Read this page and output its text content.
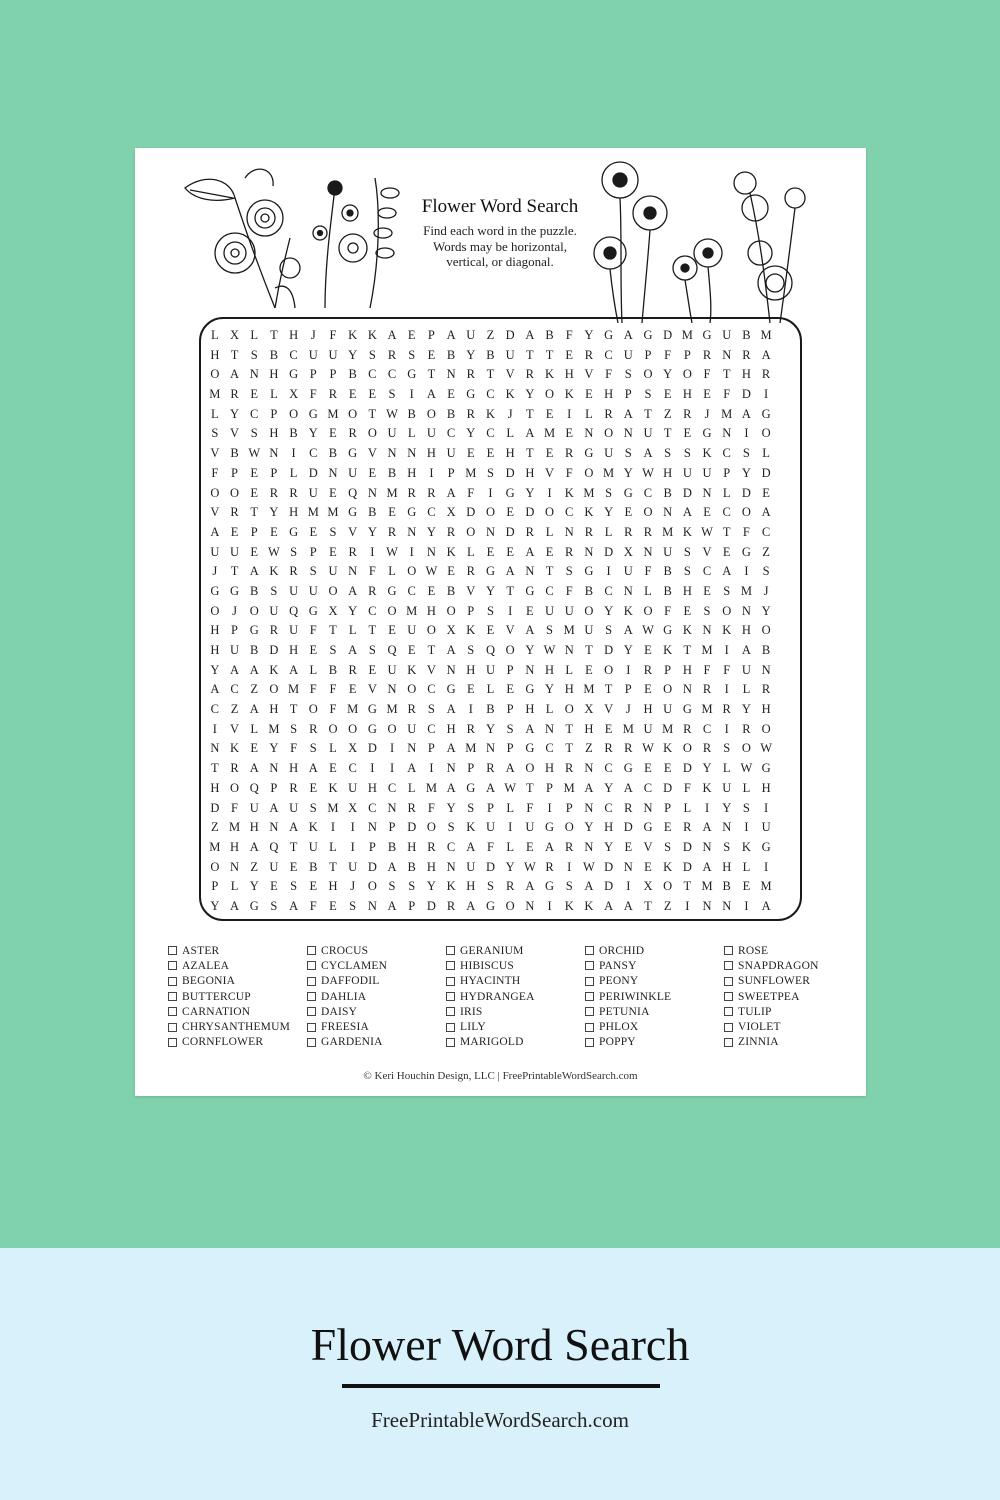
Flower Word Search
Find each word in the puzzle.
Words may be horizontal,
vertical, or diagonal.
L X L T H	J	F K K A E P A U Z D A B F Y G A G D M G U B M
H T S B C U U Y S R S E B Y B U T T E R C U P	F	P R N R A
O A N H G P	P B C C G T N R T V R K H V F	S O Y O F T H R
M R E L X F R E E S	I	A E G C K Y O K E H P	S E H E F D	I
L Y C P O G M O T W B O B R K	J	T E	I	L R A T Z R	J M A G
S V S H B Y E R O U L U C Y C L A M E N O N U T E G N	I	O
V B W N	I	C B G V N N H U E E H T E R G U S A S	S K C S L
F	P E P L D N U E B H	I	P M S D H V F O M Y W H U U P Y D
O O E R R U E Q N M R R A F	I	G Y	I	K M S G C B D N L D E
V R T Y H M M G B E G C X D O E D O C K Y E O N A E C O A
A E P E G E S V Y R N Y R O N D R L N R L R R M K W T F C
U U E W S	P E R	I W I	N K L E E A E R N D X N U S V E G Z
J	T A K R S U N F L O W E R G A N T S G	I	U F B S C A	I	S
G G B S U U O A R G C E B V Y T G C F B C N L B H E S M J
O	J	O U Q G X Y C O M H O P	S	I	E U U O Y K O F E S O N Y
H P G R U F T L T E U O X K E V A S M U S A W G K N K H O
H U B D H E S A S Q E T A S Q O Y W N T D Y E K T M I	A B
Y A A K A L B R E U K V N H U P N H L E O	I	R P H F	F U N
A C Z O M F	F E V N O C G E L E G Y H M T P E O N R	I	L R
C Z A H T O F M G M R S A	I	B P H L O X V	J	H U G M R Y H
I	V L M S R O O G O U C H R Y S A N T H E M U M R C	I	R O
N K E Y F	S L X D	I	N P A M N P G C T Z R R W K O R S O W
T R A N H A E C	I	I	A	I	N P R A O H R N C G E E D Y L W G
H O Q P R E K U H C L M A G A W T P M A Y A C D F K U L H
D F U A U S M X C N R F Y S	P L F	I	P N C R N P L	I	Y S	I
Z M H N A K	I	I	N P D O S K U	I	U G O Y H D G E R A N	I	U
M H A Q T U L	I	P B H R C A F L E A R N Y E V S D N S K G
O N Z U E B T U D A B H N U D Y W R	I W D N E K D A H L	I
P L Y E S E H	J	O S	S Y K H S R A G S A D	I	X O T M B E M
Y A G S A F E S N A P D R A G O N	I	K K A A T Z	I	N N	I	A
ASTER
AZALEA
BEGONIA
BUTTERCUP
CARNATION
CHRYSANTHEMUM
CORNFLOWER
CROCUS
CYCLAMEN
DAFFODIL
DAHLIA
DAISY
FREESIA
GARDENIA
GERANIUM
HIBISCUS
HYACINTH
HYDRANGEA
IRIS
LILY
MARIGOLD
ORCHID
PANSY
PEONY
PERIWINKLE
PETUNIA
PHLOX
POPPY
ROSE
SNAPDRAGON
SUNFLOWER
SWEETPEA
TULIP
VIOLET
ZINNIA
© Keri Houchin Design, LLC | FreePrintableWordSearch.com
Flower Word Search
FreePrintableWordSearch.com
